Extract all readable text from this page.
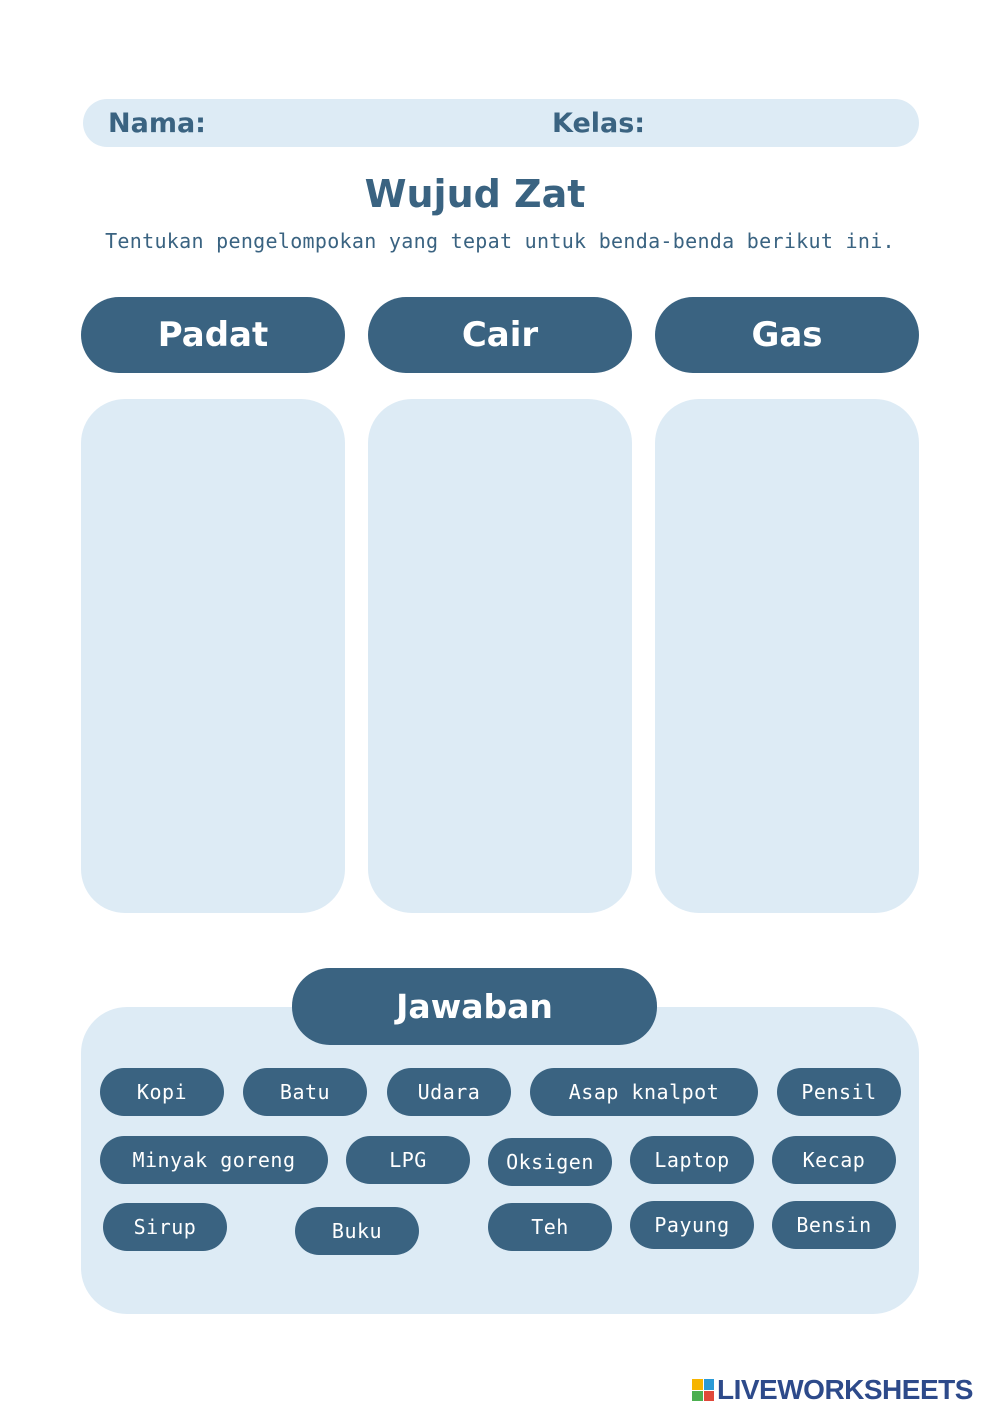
Nama:	Kelas:
Wujud Zat
Tentukan pengelompokan yang tepat untuk benda-benda berikut ini.
Padat	Cair	Gas
Jawaban
Kopi	Batu	Udara	Asap knalpot	Pensil
Minyak goreng	LPG	Oksigen	Laptop	Kecap
Sirup	Buku	Teh	Payung	Bensin
LIVEWORKSHEETS
